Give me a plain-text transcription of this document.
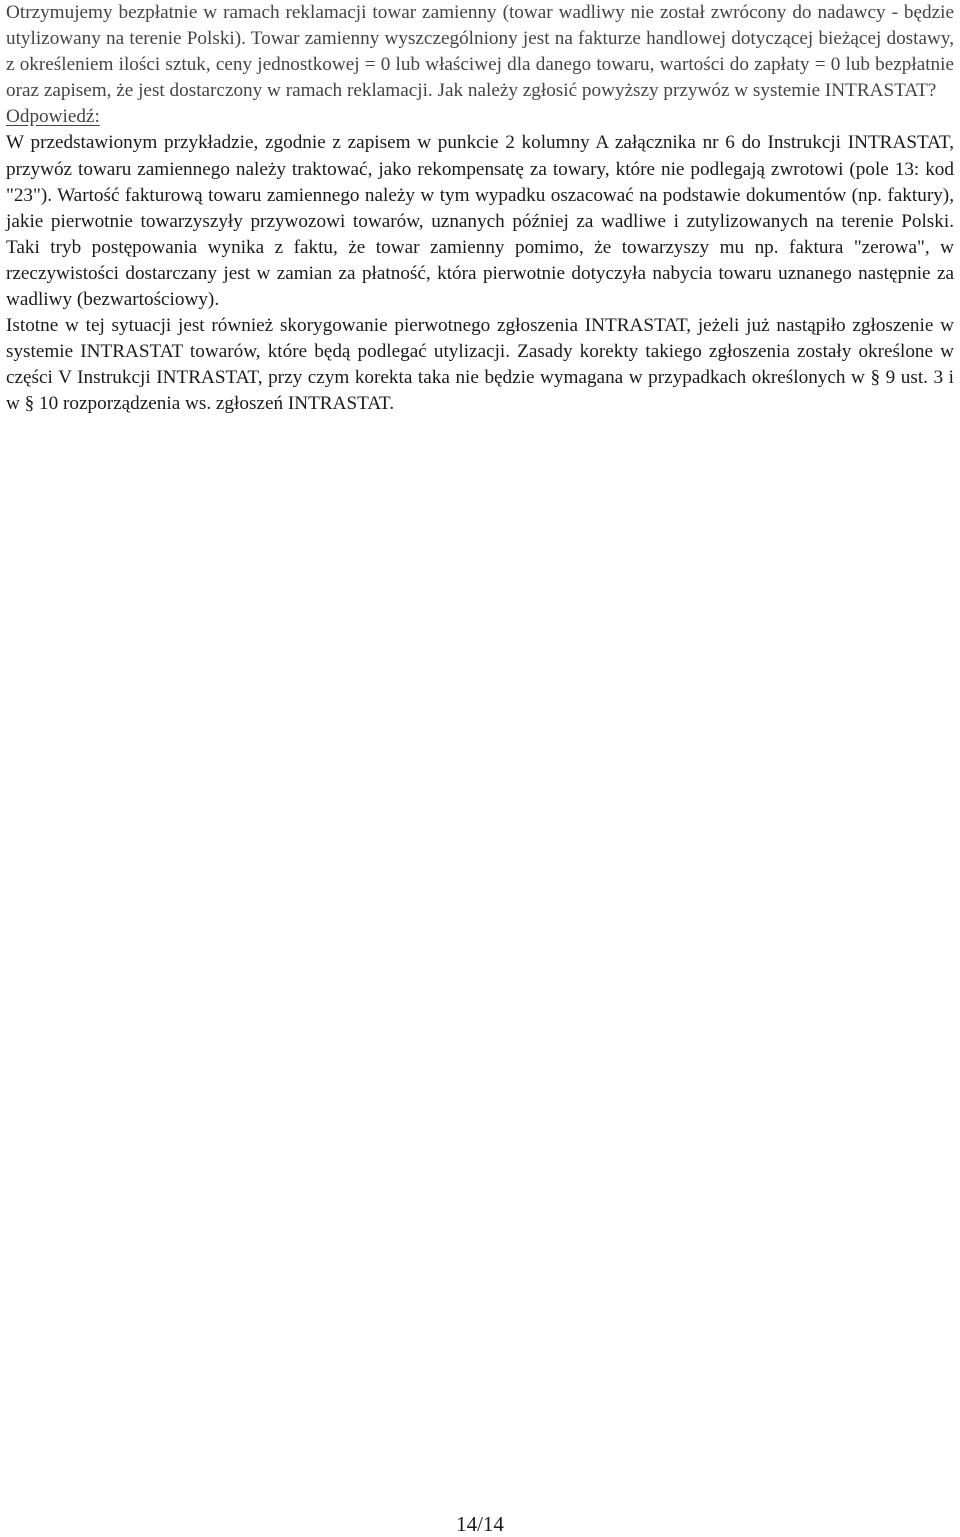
Otrzymujemy bezpłatnie w ramach reklamacji towar zamienny (towar wadliwy nie został zwrócony do nadawcy - będzie utylizowany na terenie Polski). Towar zamienny wyszczególniony jest na fakturze handlowej dotyczącej bieżącej dostawy, z określeniem ilości sztuk, ceny jednostkowej = 0 lub właściwej dla danego towaru, wartości do zapłaty = 0 lub bezpłatnie oraz zapisem, że jest dostarczony w ramach reklamacji. Jak należy zgłosić powyższy przywóz w systemie INTRASTAT?

Odpowiedź:

W przedstawionym przykładzie, zgodnie z zapisem w punkcie 2 kolumny A załącznika nr 6 do Instrukcji INTRASTAT, przywóz towaru zamiennego należy traktować, jako rekompensatę za towary, które nie podlegają zwrotowi (pole 13: kod "23"). Wartość fakturową towaru zamiennego należy w tym wypadku oszacować na podstawie dokumentów (np. faktury), jakie pierwotnie towarzyszyły przywozowi towarów, uznanych później za wadliwe i zutylizowanych na terenie Polski. Taki tryb postępowania wynika z faktu, że towar zamienny pomimo, że towarzyszy mu np. faktura "zerowa", w rzeczywistości dostarczany jest w zamian za płatność, która pierwotnie dotyczyła nabycia towaru uznanego następnie za wadliwy (bezwartościowy).

Istotne w tej sytuacji jest również skorygowanie pierwotnego zgłoszenia INTRASTAT, jeżeli już nastąpiło zgłoszenie w systemie INTRASTAT towarów, które będą podlegać utylizacji. Zasady korekty takiego zgłoszenia zostały określone w części V Instrukcji INTRASTAT, przy czym korekta taka nie będzie wymagana w przypadkach określonych w § 9 ust. 3 i w § 10 rozporządzenia ws. zgłoszeń INTRASTAT.

14/14
